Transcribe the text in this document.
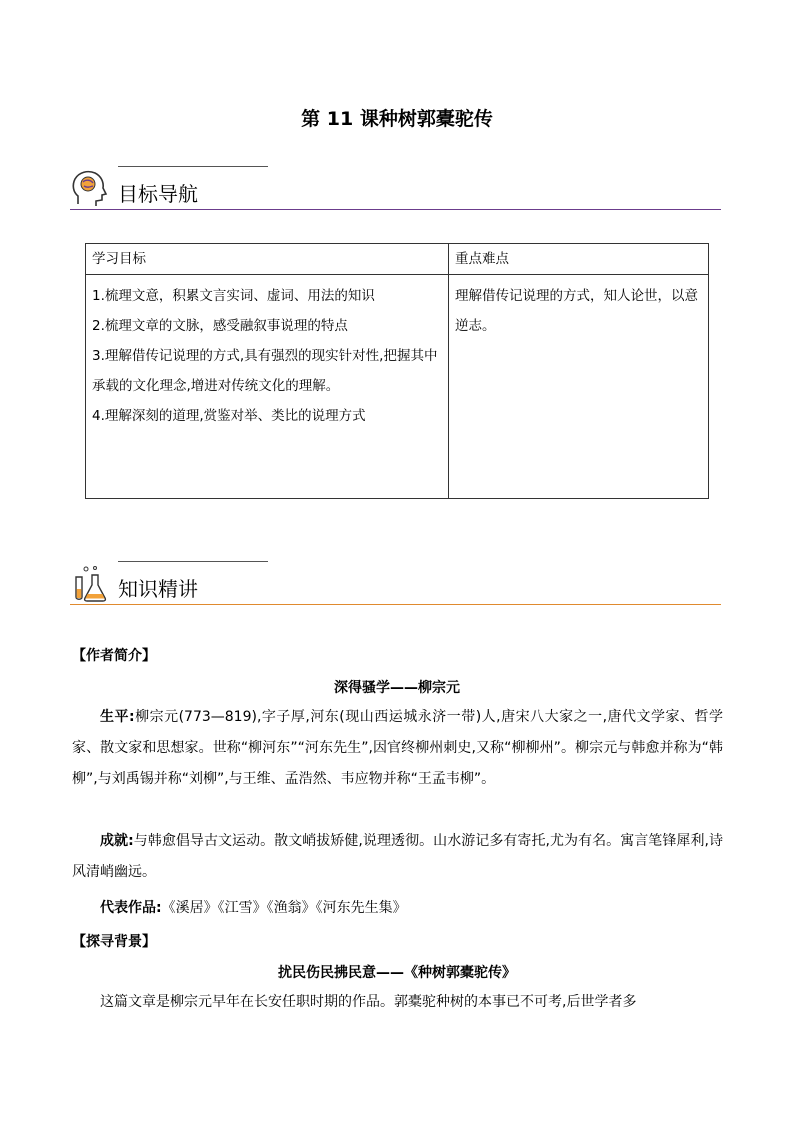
第 11 课种树郭橐驼传
目标导航
学习目标	重点难点

1.梳理文意，积累文言实词、虚词、用法的知识
2.梳理文章的文脉，感受融叙事说理的特点
3.理解借传记说理的方式,具有强烈的现实针对性,把握其中承载的文化理念,增进对传统文化的理解。
4.理解深刻的道理,赏鉴对举、类比的说理方式	理解借传记说理的方式，知人论世，以意逆志。
知识精讲
【作者简介】
深得骚学——柳宗元
生平:柳宗元(773—819),字子厚,河东(现山西运城永济一带)人,唐宋八大家之一,唐代文学家、哲学家、散文家和思想家。世称“柳河东”“河东先生”,因官终柳州刺史,又称“柳柳州”。柳宗元与韩愈并称为“韩柳”,与刘禹锡并称“刘柳”,与王维、孟浩然、韦应物并称“王孟韦柳”。
成就:与韩愈倡导古文运动。散文峭拔矫健,说理透彻。山水游记多有寄托,尤为有名。寓言笔锋犀利,诗风清峭幽远。
代表作品:《溪居》《江雪》《渔翁》《河东先生集》
【探寻背景】
扰民伤民拂民意——《种树郭橐驼传》
这篇文章是柳宗元早年在长安任职时期的作品。郭橐驼种树的本事已不可考,后世学者多
